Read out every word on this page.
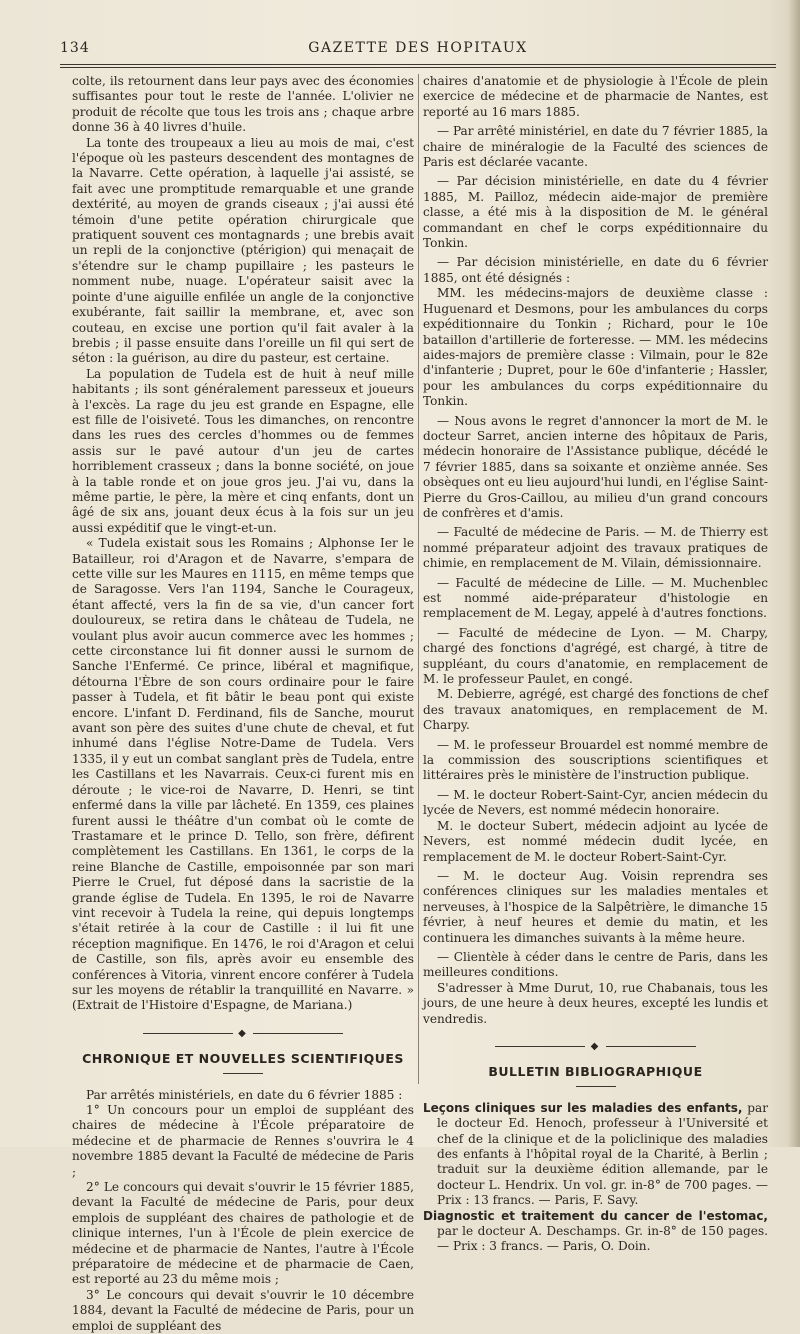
134	GAZETTE DES HOPITAUX

colte, ils retournent dans leur pays avec des économies suffisantes pour tout le reste de l'année. L'olivier ne produit de récolte que tous les trois ans ; chaque arbre donne 36 à 40 livres d'huile.

La tonte des troupeaux a lieu au mois de mai, c'est l'époque où les pasteurs descendent des montagnes de la Navarre. Cette opération, à laquelle j'ai assisté, se fait avec une promptitude remarquable et une grande dextérité, au moyen de grands ciseaux ; j'ai aussi été témoin d'une petite opération chirurgicale que pratiquent souvent ces montagnards ; une brebis avait un repli de la conjonctive (ptérigion) qui menaçait de s'étendre sur le champ pupillaire ; les pasteurs le nomment nube, nuage. L'opérateur saisit avec la pointe d'une aiguille enfilée un angle de la conjonctive exubérante, fait saillir la membrane, et, avec son couteau, en excise une portion qu'il fait avaler à la brebis ; il passe ensuite dans l'oreille un fil qui sert de séton : la guérison, au dire du pasteur, est certaine.

La population de Tudela est de huit à neuf mille habitants ; ils sont généralement paresseux et joueurs à l'excès. La rage du jeu est grande en Espagne, elle est fille de l'oisiveté. Tous les dimanches, on rencontre dans les rues des cercles d'hommes ou de femmes assis sur le pavé autour d'un jeu de cartes horriblement crasseux ; dans la bonne société, on joue à la table ronde et on joue gros jeu. J'ai vu, dans la même partie, le père, la mère et cinq enfants, dont un âgé de six ans, jouant deux écus à la fois sur un jeu aussi expéditif que le vingt-et-un.

« Tudela existait sous les Romains ; Alphonse Ier le Batailleur, roi d'Aragon et de Navarre, s'empara de cette ville sur les Maures en 1115, en même temps que de Saragosse. Vers l'an 1194, Sanche le Courageux, étant affecté, vers la fin de sa vie, d'un cancer fort douloureux, se retira dans le château de Tudela, ne voulant plus avoir aucun commerce avec les hommes ; cette circonstance lui fit donner aussi le surnom de Sanche l'Enfermé. Ce prince, libéral et magnifique, détourna l'Èbre de son cours ordinaire pour le faire passer à Tudela, et fit bâtir le beau pont qui existe encore. L'infant D. Ferdinand, fils de Sanche, mourut avant son père des suites d'une chute de cheval, et fut inhumé dans l'église Notre-Dame de Tudela. Vers 1335, il y eut un combat sanglant près de Tudela, entre les Castillans et les Navarrais. Ceux-ci furent mis en déroute ; le vice-roi de Navarre, D. Henri, se tint enfermé dans la ville par lâcheté. En 1359, ces plaines furent aussi le théâtre d'un combat où le comte de Trastamare et le prince D. Tello, son frère, défirent complètement les Castillans. En 1361, le corps de la reine Blanche de Castille, empoisonnée par son mari Pierre le Cruel, fut déposé dans la sacristie de la grande église de Tudela. En 1395, le roi de Navarre vint recevoir à Tudela la reine, qui depuis longtemps s'était retirée à la cour de Castille : il lui fit une réception magnifique. En 1476, le roi d'Aragon et celui de Castille, son fils, après avoir eu ensemble des conférences à Vitoria, vinrent encore conférer à Tudela sur les moyens de rétablir la tranquillité en Navarre. » (Extrait de l'Histoire d'Espagne, de Mariana.)

◆
CHRONIQUE ET NOUVELLES SCIENTIFIQUES

Par arrêtés ministériels, en date du 6 février 1885 :

1° Un concours pour un emploi de suppléant des chaires de médecine à l'École préparatoire de médecine et de pharmacie de Rennes s'ouvrira le 4 novembre 1885 devant la Faculté de médecine de Paris ;

2° Le concours qui devait s'ouvrir le 15 février 1885, devant la Faculté de médecine de Paris, pour deux emplois de suppléant des chaires de pathologie et de clinique internes, l'un à l'École de plein exercice de médecine et de pharmacie de Nantes, l'autre à l'École préparatoire de médecine et de pharmacie de Caen, est reporté au 23 du même mois ;

3° Le concours qui devait s'ouvrir le 10 décembre 1884, devant la Faculté de médecine de Paris, pour un emploi de suppléant des

chaires d'anatomie et de physiologie à l'École de plein exercice de médecine et de pharmacie de Nantes, est reporté au 16 mars 1885.

— Par arrêté ministériel, en date du 7 février 1885, la chaire de minéralogie de la Faculté des sciences de Paris est déclarée vacante.

— Par décision ministérielle, en date du 4 février 1885, M. Pailloz, médecin aide-major de première classe, a été mis à la disposition de M. le général commandant en chef le corps expéditionnaire du Tonkin.

— Par décision ministérielle, en date du 6 février 1885, ont été désignés :

MM. les médecins-majors de deuxième classe : Huguenard et Desmons, pour les ambulances du corps expéditionnaire du Tonkin ; Richard, pour le 10e bataillon d'artillerie de forteresse. — MM. les médecins aides-majors de première classe : Vilmain, pour le 82e d'infanterie ; Dupret, pour le 60e d'infanterie ; Hassler, pour les ambulances du corps expéditionnaire du Tonkin.

— Nous avons le regret d'annoncer la mort de M. le docteur Sarret, ancien interne des hôpitaux de Paris, médecin honoraire de l'Assistance publique, décédé le 7 février 1885, dans sa soixante et onzième année. Ses obsèques ont eu lieu aujourd'hui lundi, en l'église Saint-Pierre du Gros-Caillou, au milieu d'un grand concours de confrères et d'amis.

— Faculté de médecine de Paris. — M. de Thierry est nommé préparateur adjoint des travaux pratiques de chimie, en remplacement de M. Vilain, démissionnaire.

— Faculté de médecine de Lille. — M. Muchenblec est nommé aide-préparateur d'histologie en remplacement de M. Legay, appelé à d'autres fonctions.

— Faculté de médecine de Lyon. — M. Charpy, chargé des fonctions d'agrégé, est chargé, à titre de suppléant, du cours d'anatomie, en remplacement de M. le professeur Paulet, en congé.

M. Debierre, agrégé, est chargé des fonctions de chef des travaux anatomiques, en remplacement de M. Charpy.

— M. le professeur Brouardel est nommé membre de la commission des souscriptions scientifiques et littéraires près le ministère de l'instruction publique.

— M. le docteur Robert-Saint-Cyr, ancien médecin du lycée de Nevers, est nommé médecin honoraire.

M. le docteur Subert, médecin adjoint au lycée de Nevers, est nommé médecin dudit lycée, en remplacement de M. le docteur Robert-Saint-Cyr.

— M. le docteur Aug. Voisin reprendra ses conférences cliniques sur les maladies mentales et nerveuses, à l'hospice de la Salpêtrière, le dimanche 15 février, à neuf heures et demie du matin, et les continuera les dimanches suivants à la même heure.

— Clientèle à céder dans le centre de Paris, dans les meilleures conditions.

S'adresser à Mme Durut, 10, rue Chabanais, tous les jours, de une heure à deux heures, excepté les lundis et vendredis.

◆
BULLETIN BIBLIOGRAPHIQUE

Leçons cliniques sur les maladies des enfants, par le docteur Ed. Henoch, professeur à l'Université et chef de la clinique et de la policlinique des maladies des enfants à l'hôpital royal de la Charité, à Berlin ; traduit sur la deuxième édition allemande, par le docteur L. Hendrix. Un vol. gr. in-8° de 700 pages. — Prix : 13 francs. — Paris, F. Savy.

Diagnostic et traitement du cancer de l'estomac, par le docteur A. Deschamps. Gr. in-8° de 150 pages. — Prix : 3 francs. — Paris, O. Doin.
